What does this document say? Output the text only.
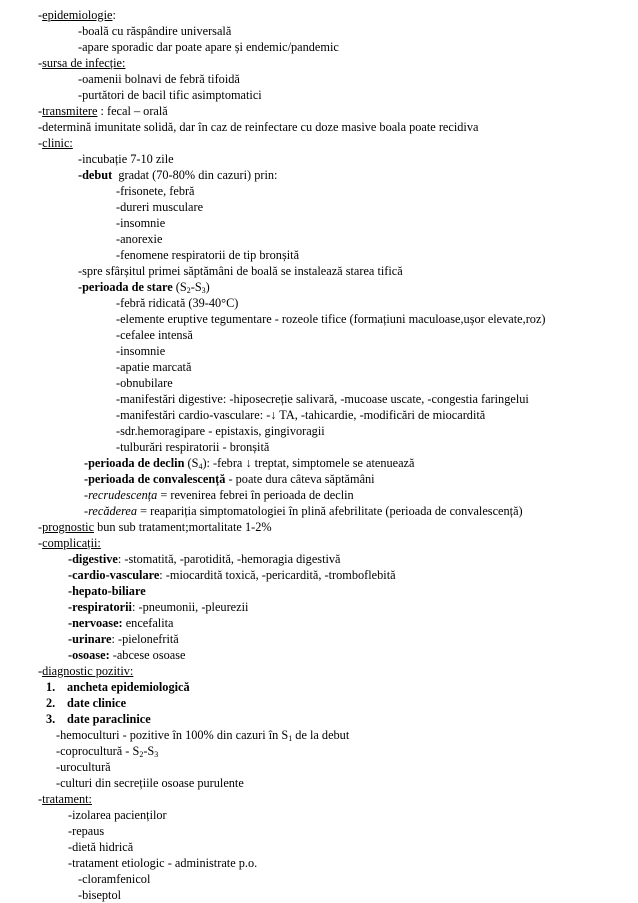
-epidemiologie:
-boală cu răspândire universală
-apare sporadic dar poate apare și endemic/pandemic
-sursa de infecție:
-oamenii bolnavi de febră tifoidă
-purtători de bacil tific asimptomatici
-transmitere : fecal – orală
-determină imunitate solidă, dar în caz de reinfectare cu doze masive boala poate recidiva
-clinic:
-incubație 7-10 zile
-debut  gradat (70-80% din cazuri) prin:
-frisonete, febră
-dureri musculare
-insomnie
-anorexie
-fenomene respiratorii de tip bronșită
-spre sfârșitul primei săptămâni de boală se instalează starea tifică
-perioada de stare $(S_2-S_3)$
-febră ridicată (39-40°C)
-elemente eruptive tegumentare - rozeole tifice (formațiuni maculoase,ușor elevate,roz)
-cefalee intensă
-insomnie
-apatie marcată
-obnubilare
-manifestări digestive: -hiposecreție salivară, -mucoase uscate, -congestia faringelui
-manifestări cardio-vasculare: -↓ TA, -tahicardie, -modificări de miocardită
-sdr.hemoragipare - epistaxis, gingivoragii
-tulburări respiratorii - bronșită
-perioada de declin $(S_4)$: -febra ↓ treptat, simptomele se atenuează
-perioada de convalescență - poate dura câteva săptămâni
-recrudescența = revenirea febrei în perioada de declin
-recăderea = reapariția simptomatologiei în plină afebrilitate (perioada de convalescență)
-prognostic bun sub tratament;mortalitate 1-2%
-complicații:
-digestive: -stomatită, -parotidită, -hemoragia digestivă
-cardio-vasculare: -miocardită toxică, -pericardită, -tromboflebită
-hepato-biliare
-respiratorii: -pneumonii, -pleurezii
-nervoase: encefalita
-urinare: -pielonefrită
-osoase: -abcese osoase
-diagnostic pozitiv:
1. ancheta epidemiologică
2. date clinice
3. date paraclinice
-hemoculturi - pozitive în 100% din cazuri în $S_1$ de la debut
-coprocultură - $S_2-S_3$
-urocultură
-culturi din secrețiile osoase purulente
-tratament:
-izolarea pacienților
-repaus
-dietă hidrică
-tratament etiologic - administrate p.o.
-cloramfenicol
-biseptol
